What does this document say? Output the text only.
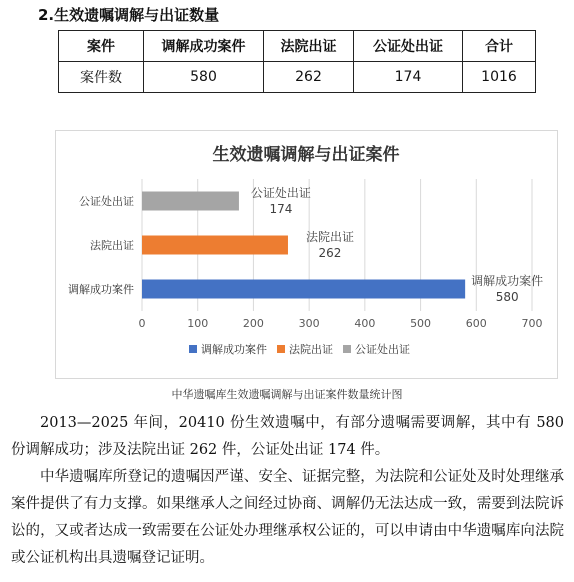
2.生效遗嘱调解与出证数量
案件	调解成功案件	法院出证	公证处出证	合计
案件数	580	262	174	1016
生效遗嘱调解与出证案件
0	100	200	300	400	500	600	700
调解成功案件
调解成功案件
580
法院出证
法院出证
262
公证处出证
公证处出证
174
调解成功案件 法院出证 公证处出证
中华遗嘱库生效遗嘱调解与出证案件数量统计图

2013—2025 年间，20410 份生效遗嘱中，有部分遗嘱需要调解，其中有 580 份调解成功；涉及法院出证 262 件，公证处出证 174 件。

中华遗嘱库所登记的遗嘱因严谨、安全、证据完整，为法院和公证处及时处理继承案件提供了有力支撑。如果继承人之间经过协商、调解仍无法达成一致，需要到法院诉讼的，又或者达成一致需要在公证处办理继承权公证的，可以申请由中华遗嘱库向法院或公证机构出具遗嘱登记证明。
